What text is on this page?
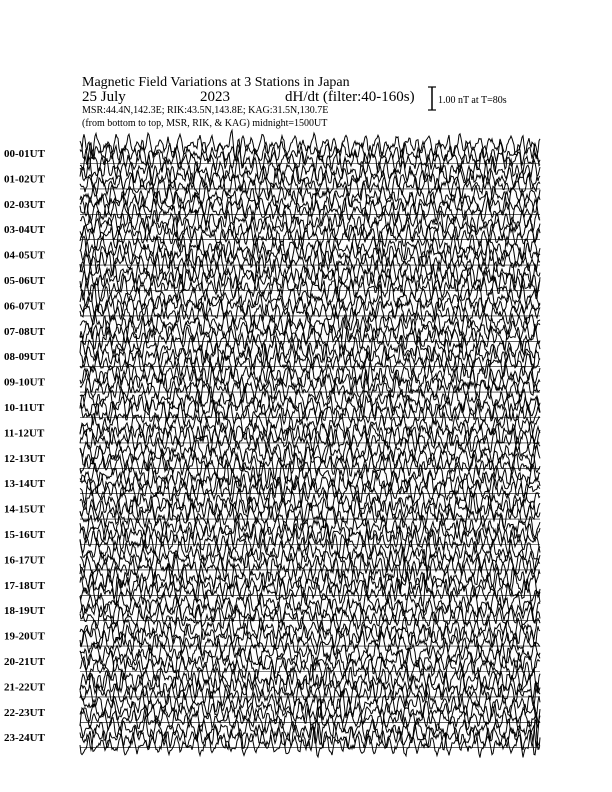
Magnetic Field Variations at 3 Stations in Japan
25 July	2023	dH/dt (filter:40-160s)
MSR:44.4N,142.3E; RIK:43.5N,143.8E; KAG:31.5N,130.7E
(from bottom to top, MSR, RIK, & KAG) midnight=1500UT
1.00 nT at T=80s
00-01UT
01-02UT
02-03UT
03-04UT
04-05UT
05-06UT
06-07UT
07-08UT
08-09UT
09-10UT
10-11UT
11-12UT
12-13UT
13-14UT
14-15UT
15-16UT
16-17UT
17-18UT
18-19UT
19-20UT
20-21UT
21-22UT
22-23UT
23-24UT
